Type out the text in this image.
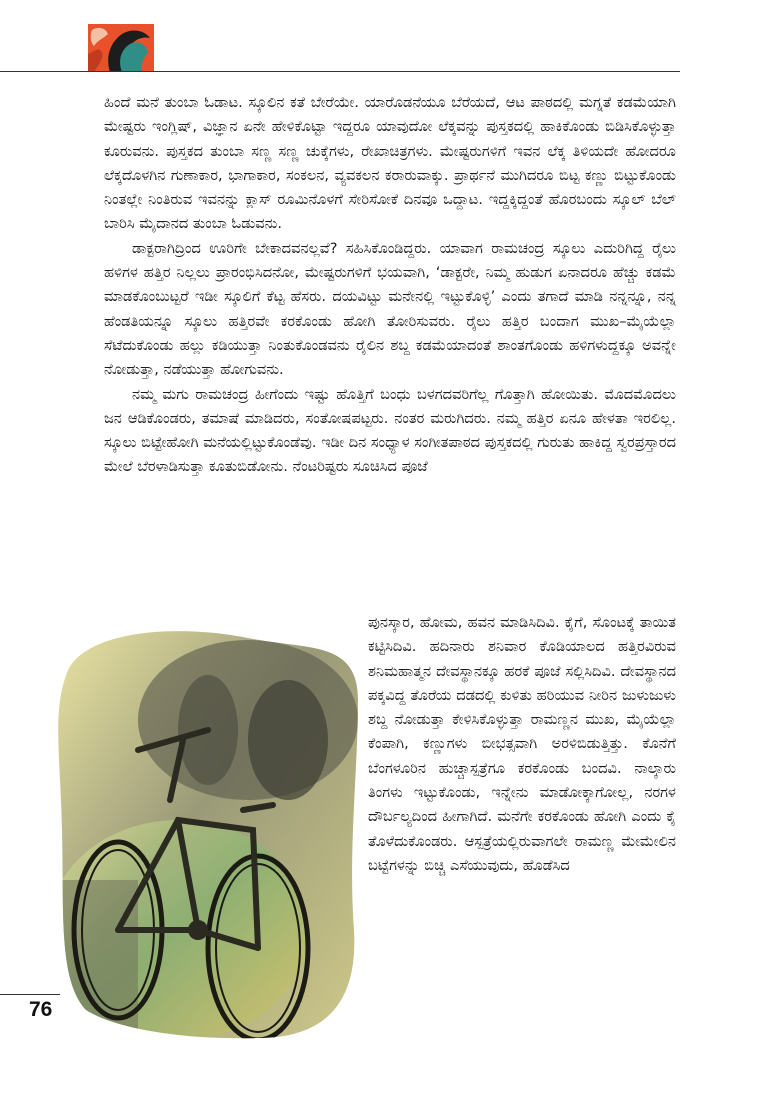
ಹಿಂದೆ ಮನೆ ತುಂಬಾ ಓಡಾಟ. ಸ್ಕೂಲಿನ ಕತೆ ಬೇರೆಯೇ. ಯಾರೊಡನೆಯೂ ಬೆರೆಯದೆ, ಆಟ ಪಾಠದಲ್ಲಿ ಮಗ್ನತೆ ಕಡಮೆಯಾಗಿ ಮೇಷ್ಟರು ಇಂಗ್ಲಿಷ್, ವಿಜ್ಞಾನ ಏನೇ ಹೇಳಿಕೊಟ್ಟಾ ಇದ್ದರೂ ಯಾವುದೋ ಲೆಕ್ಕವನ್ನು ಪುಸ್ತಕದಲ್ಲಿ ಹಾಕಿಕೊಂಡು ಬಿಡಿಸಿಕೊಳ್ಳುತ್ತಾ ಕೂರುವನು. ಪುಸ್ತಕದ ತುಂಬಾ ಸಣ್ಣ ಸಣ್ಣ ಚುಕ್ಕೆಗಳು, ರೇಖಾಚಿತ್ರಗಳು. ಮೇಷ್ಟರುಗಳಿಗೆ ಇವನ ಲೆಕ್ಕ ತಿಳಿಯದೇ ಹೋದರೂ ಲೆಕ್ಕದೊಳಗಿನ ಗುಣಾಕಾರ, ಭಾಗಾಕಾರ, ಸಂಕಲನ, ವ್ಯವಕಲನ ಕರಾರುವಾಕ್ಕು. ಪ್ರಾರ್ಥನೆ ಮುಗಿದರೂ ಬಿಟ್ಟ ಕಣ್ಣು ಬಿಟ್ಟುಕೊಂಡು ನಿಂತಲ್ಲೇ ನಿಂತಿರುವ ಇವನನ್ನು ಕ್ಲಾಸ್ ರೂಮಿನೊಳಗೆ ಸೇರಿಸೋಕೆ ದಿನವೂ ಒದ್ದಾಟ. ಇದ್ದಕ್ಕಿದ್ದಂತೆ ಹೊರಬಂದು ಸ್ಕೂಲ್ ಬೆಲ್ ಬಾರಿಸಿ ಮೈದಾನದ ತುಂಬಾ ಓಡುವನು.

ಡಾಕ್ಟರಾಗಿದ್ರಿಂದ ಊರಿಗೇ ಬೇಕಾದವನಲ್ಲವೆ? ಸಹಿಸಿಕೊಂಡಿದ್ದರು. ಯಾವಾಗ ರಾಮಚಂದ್ರ ಸ್ಕೂಲು ಎದುರಿಗಿದ್ದ ರೈಲು ಹಳಿಗಳ ಹತ್ತಿರ ನಿಲ್ಲಲು ಪ್ರಾರಂಭಿಸಿದನೋ, ಮೇಷ್ಟರುಗಳಿಗೆ ಭಯವಾಗಿ, ‘ಡಾಕ್ಟರೇ, ನಿಮ್ಮ ಹುಡುಗ ಏನಾದರೂ ಹೆಚ್ಚು ಕಡಮೆ ಮಾಡಕೊಂಬುಟ್ಟರೆ ಇಡೀ ಸ್ಕೂಲಿಗೆ ಕೆಟ್ಟ ಹೆಸರು. ದಯವಿಟ್ಟು ಮನೇನಲ್ಲಿ ಇಟ್ಟುಕೊಳ್ಳಿ’ ಎಂದು ತಗಾದೆ ಮಾಡಿ ನನ್ನನ್ನೂ, ನನ್ನ ಹೆಂಡತಿಯನ್ನೂ ಸ್ಕೂಲು ಹತ್ತಿರವೇ ಕರಕೊಂಡು ಹೋಗಿ ತೋರಿಸುವರು. ರೈಲು ಹತ್ತಿರ ಬಂದಾಗ ಮುಖ–ಮೈಯೆಲ್ಲಾ ಸೆಟೆದುಕೊಂಡು ಹಲ್ಲು ಕಡಿಯುತ್ತಾ ನಿಂತುಕೊಂಡವನು ರೈಲಿನ ಶಬ್ದ ಕಡಮೆಯಾದಂತೆ ಶಾಂತಗೊಂಡು ಹಳಿಗಳುದ್ದಕ್ಕೂ ಅವನ್ನೇ ನೋಡುತ್ತಾ, ನಡೆಯುತ್ತಾ ಹೋಗುವನು.

ನಮ್ಮ ಮಗು ರಾಮಚಂದ್ರ ಹೀಗೆಂದು ಇಷ್ಟು ಹೊತ್ತಿಗೆ ಬಂಧು ಬಳಗದವರಿಗೆಲ್ಲ ಗೊತ್ತಾಗಿ ಹೋಯಿತು. ಮೊದಮೊದಲು ಜನ ಆಡಿಕೊಂಡರು, ತಮಾಷೆ ಮಾಡಿದರು, ಸಂತೋಷಪಟ್ಟರು. ನಂತರ ಮರುಗಿದರು. ನಮ್ಮ ಹತ್ತಿರ ಏನೂ ಹೇಳತಾ ಇರಲಿಲ್ಲ. ಸ್ಕೂಲು ಬಿಟ್ಟೇಹೋಗಿ ಮನೆಯಲ್ಲಿಟ್ಟುಕೊಂಡೆವು. ಇಡೀ ದಿನ ಸಂಧ್ಯಾಳ ಸಂಗೀತಪಾಠದ ಪುಸ್ತಕದಲ್ಲಿ ಗುರುತು ಹಾಕಿದ್ದ ಸ್ವರಪ್ರಸ್ತಾರದ ಮೇಲೆ ಬೆರಳಾಡಿಸುತ್ತಾ ಕೂತುಬಿಡೋನು. ನೆಂಟರಿಷ್ಟರು ಸೂಚಿಸಿದ ಪೂಜೆ

ಪುನಸ್ಕಾರ, ಹೋಮ, ಹವನ ಮಾಡಿಸಿದಿವಿ. ಕೈಗೆ, ಸೊಂಟಕ್ಕೆ ತಾಯಿತ ಕಟ್ಟಿಸಿದಿವಿ. ಹದಿನಾರು ಶನಿವಾರ ಕೊಡಿಯಾಲದ ಹತ್ತಿರವಿರುವ ಶನಿಮಹಾತ್ಮನ ದೇವಸ್ಥಾನಕ್ಕೂ ಹರಕೆ ಪೂಜೆ ಸಲ್ಲಿಸಿದಿವಿ. ದೇವಸ್ಥಾನದ ಪಕ್ಕವಿದ್ದ ತೊರೆಯ ದಡದಲ್ಲಿ ಕುಳಿತು ಹರಿಯುವ ನೀರಿನ ಜುಳುಜುಳು ಶಬ್ದ ನೋಡುತ್ತಾ ಕೇಳಿಸಿಕೊಳ್ಳುತ್ತಾ ರಾಮಣ್ಣನ ಮುಖ, ಮೈಯೆಲ್ಲಾ ಕೆಂಪಾಗಿ, ಕಣ್ಣುಗಳು ಬೀಭತ್ಸವಾಗಿ ಅರಳಿಬಿಡುತ್ತಿತ್ತು. ಕೊನೆಗೆ ಬೆಂಗಳೂರಿನ ಹುಚ್ಚಾಸ್ಪತ್ರೆಗೂ ಕರಕೊಂಡು ಬಂದವಿ. ನಾಲ್ಕಾರು ತಿಂಗಳು ಇಟ್ಟುಕೊಂಡು, ಇನ್ನೇನು ಮಾಡೋಕ್ಕಾಗೋಲ್ಲ, ನರಗಳ ದೌರ್ಬಲ್ಯದಿಂದ ಹೀಗಾಗಿದೆ. ಮನೆಗೇ ಕರಕೊಂಡು ಹೋಗಿ ಎಂದು ಕೈ ತೊಳೆದುಕೊಂಡರು. ಆಸ್ಪತ್ರೆಯಲ್ಲಿರುವಾಗಲೇ ರಾಮಣ್ಣ ಮೇಮೇಲಿನ ಬಟ್ಟೆಗಳನ್ನು ಬಿಚ್ಚಿ ಎಸೆಯುವುದು, ಹೊಡೆಸಿದ

76
